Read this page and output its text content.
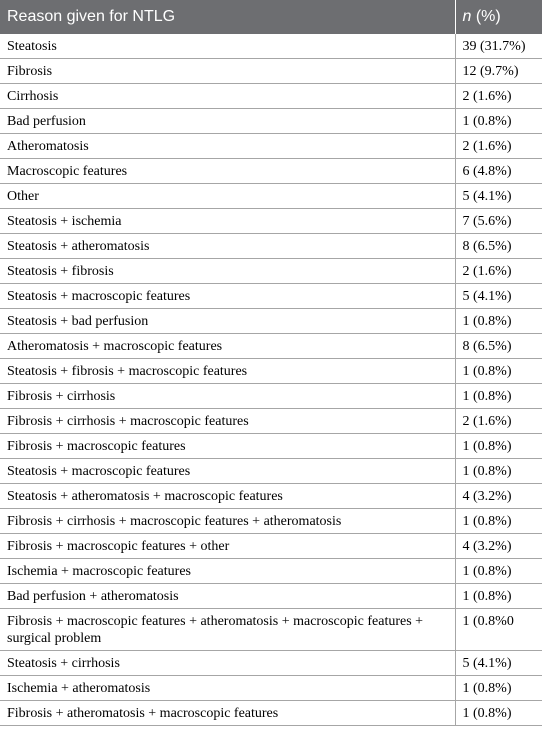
Reason given for NTLG	n (%)
Steatosis	39 (31.7%)
Fibrosis	12 (9.7%)
Cirrhosis	2 (1.6%)
Bad perfusion	1 (0.8%)
Atheromatosis	2 (1.6%)
Macroscopic features	6 (4.8%)
Other	5 (4.1%)
Steatosis + ischemia	7 (5.6%)
Steatosis + atheromatosis	8 (6.5%)
Steatosis + fibrosis	2 (1.6%)
Steatosis + macroscopic features	5 (4.1%)
Steatosis + bad perfusion	1 (0.8%)
Atheromatosis + macroscopic features	8 (6.5%)
Steatosis + fibrosis + macroscopic features	1 (0.8%)
Fibrosis + cirrhosis	1 (0.8%)
Fibrosis + cirrhosis + macroscopic features	2 (1.6%)
Fibrosis + macroscopic features	1 (0.8%)
Steatosis + macroscopic features	1 (0.8%)
Steatosis + atheromatosis + macroscopic features	4 (3.2%)
Fibrosis + cirrhosis + macroscopic features + atheromatosis	1 (0.8%)
Fibrosis + macroscopic features + other	4 (3.2%)
Ischemia + macroscopic features	1 (0.8%)
Bad perfusion + atheromatosis	1 (0.8%)
Fibrosis + macroscopic features + atheromatosis + macroscopic features + surgical problem	1 (0.8%0
Steatosis + cirrhosis	5 (4.1%)
Ischemia + atheromatosis	1 (0.8%)
Fibrosis + atheromatosis + macroscopic features	1 (0.8%)
